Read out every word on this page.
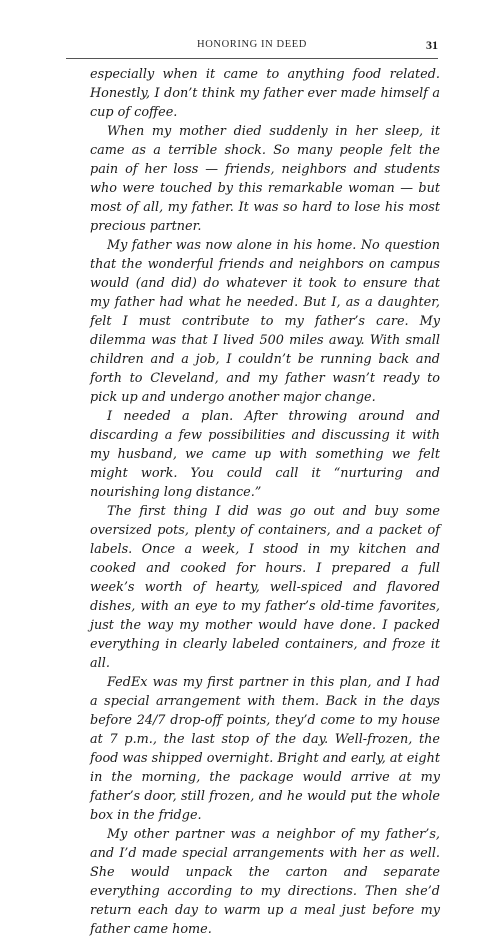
HONORING IN DEED	31

especially when it came to anything food related. Honestly, I don’t think my father ever made himself a cup of coffee.

When my mother died suddenly in her sleep, it came as a terrible shock. So many people felt the pain of her loss — friends, neighbors and students who were touched by this remarkable woman — but most of all, my father. It was so hard to lose his most precious partner.

My father was now alone in his home. No question that the wonderful friends and neighbors on campus would (and did) do whatever it took to ensure that my father had what he needed. But I, as a daughter, felt I must contribute to my father’s care. My dilemma was that I lived 500 miles away. With small children and a job, I couldn’t be running back and forth to Cleveland, and my father wasn’t ready to pick up and undergo another major change.

I needed a plan. After throwing around and discarding a few possibilities and discussing it with my husband, we came up with something we felt might work. You could call it “nurturing and nourishing long distance.”

The first thing I did was go out and buy some oversized pots, plenty of containers, and a packet of labels. Once a week, I stood in my kitchen and cooked and cooked for hours. I prepared a full week’s worth of hearty, well-spiced and flavored dishes, with an eye to my father’s old-time favorites, just the way my mother would have done. I packed everything in clearly labeled containers, and froze it all.

FedEx was my first partner in this plan, and I had a special arrangement with them. Back in the days before 24/7 drop-off points, they’d come to my house at 7 p.m., the last stop of the day. Well-frozen, the food was shipped overnight. Bright and early, at eight in the morning, the package would arrive at my father’s door, still frozen, and he would put the whole box in the fridge.

My other partner was a neighbor of my father’s, and I’d made special arrangements with her as well. She would unpack the carton and separate everything according to my directions. Then she’d return each day to warm up a meal just before my father came home.
